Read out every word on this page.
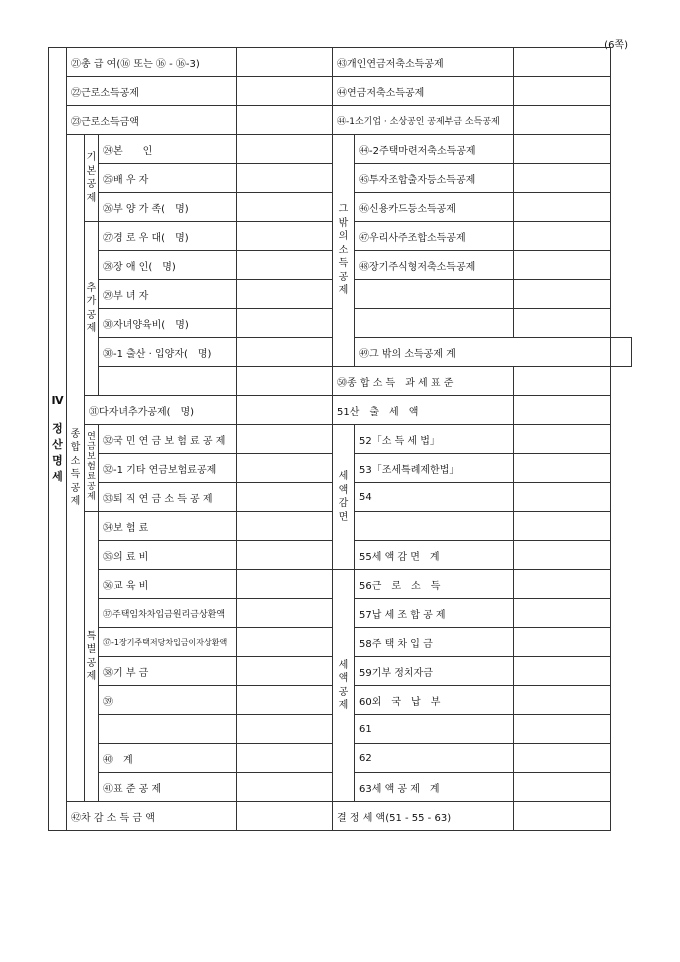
(6쪽)
Ⅳ

정산명세	㉑총 급 여(⑯ 또는 ⑯ - ⑯-3)				㊸개인연금저축소득공제			
	㉒근로소득공제				㊹연금저축소득공제			
	㉓근로소득금액				㊹-1소기업 · 소상공인 공제부금 소득공제			
	종합소득공제	기본공제	㉔본　　인		그밖의소득공제	㊹-2주택마련저축소득공제		
			㉕배 우 자			㊺투자조합출자등소득공제		
			㉖부 양 가 족(　명)			㊻신용카드등소득공제		
		추가공제	㉗경 로 우 대(　명)			㊼우리사주조합소득공제		
			㉘장 애 인(　명)			㊽장기주식형저축소득공제		
			㉙부 녀 자					
			㉚자녀양육비(　명)					
			㉚-1 출산 · 입양자(　명)			㊾그 밖의 소득공제 계		
					㊿종 합 소 득　과 세 표 준			
		㉛다자녀추가공제(　명)			51산　출　세　액			
		연금보험료공제	㉜국 민 연 금 보 험 료 공 제		세액감면	52「소 득 세 법」		
			㉜-1 기타 연금보험료공제			53「조세특례제한법」		
			㉝퇴 직 연 금 소 득 공 제			54		
		특별공제	㉞보 험 료					
			㉟의 료 비			55세 액 감 면　계		
			㊱교 육 비		세액공제	56근　로　소　득		
			㊲주택임차차입금원리금상환액			57납 세 조 합 공 제		
			㊲-1장기주택저당차입금이자상환액			58주 택 차 입 금		
			㊳기 부 금			59기부 정치자금		
			㊴			60외　국　납　부		
						61		
			㊵　계			62		
			㊶표 준 공 제			63세 액 공 제　계		
	㊷차 감 소 득 금 액				결 정 세 액(51 - 55 - 63)			
